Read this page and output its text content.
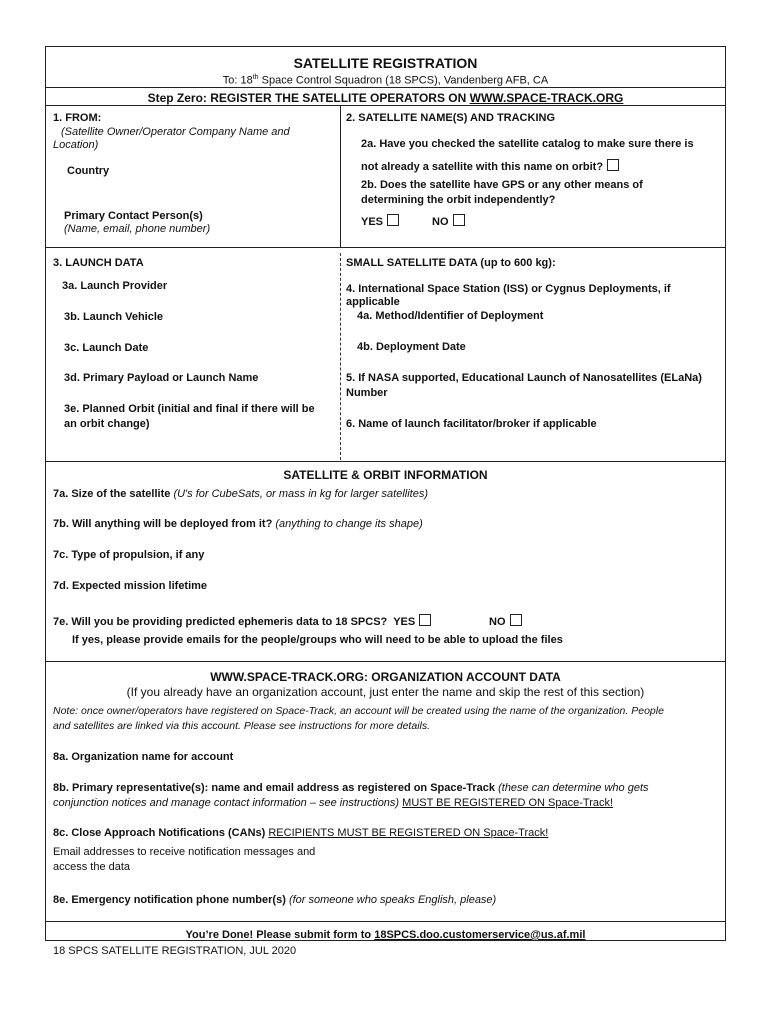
SATELLITE REGISTRATION
To: 18th Space Control Squadron (18 SPCS), Vandenberg AFB, CA
Step Zero: REGISTER THE SATELLITE OPERATORS ON WWW.SPACE-TRACK.ORG
1. FROM:
(Satellite Owner/Operator Company Name and
Location)
Country
Primary Contact Person(s)
(Name, email, phone number)
2. SATELLITE NAME(S) AND TRACKING
2a. Have you checked the satellite catalog to make sure there is
not already a satellite with this name on orbit?
2b. Does the satellite have GPS or any other means of
determining the orbit independently?
YES	NO
3. LAUNCH DATA
3a. Launch Provider
3b. Launch Vehicle
3c. Launch Date
3d. Primary Payload or Launch Name
3e. Planned Orbit (initial and final if there will be
an orbit change)
SMALL SATELLITE DATA (up to 600 kg):
4. International Space Station (ISS) or Cygnus Deployments, if
applicable
4a. Method/Identifier of Deployment
4b. Deployment Date
5. If NASA supported, Educational Launch of Nanosatellites (ELaNa)
Number
6. Name of launch facilitator/broker if applicable
SATELLITE & ORBIT INFORMATION
7a. Size of the satellite (U's for CubeSats, or mass in kg for larger satellites)
7b. Will anything will be deployed from it? (anything to change its shape)
7c. Type of propulsion, if any
7d. Expected mission lifetime
7e. Will you be providing predicted ephemeris data to 18 SPCS? YES	NO
If yes, please provide emails for the people/groups who will need to be able to upload the files
WWW.SPACE-TRACK.ORG: ORGANIZATION ACCOUNT DATA
(If you already have an organization account, just enter the name and skip the rest of this section)
Note: once owner/operators have registered on Space-Track, an account will be created using the name of the organization. People
and satellites are linked via this account. Please see instructions for more details.
8a. Organization name for account
8b. Primary representative(s): name and email address as registered on Space-Track (these can determine who gets
conjunction notices and manage contact information – see instructions) MUST BE REGISTERED ON Space-Track!
8c. Close Approach Notifications (CANs) RECIPIENTS MUST BE REGISTERED ON Space-Track!
Email addresses to receive notification messages and
access the data
8e. Emergency notification phone number(s) (for someone who speaks English, please)
You’re Done! Please submit form to 18SPCS.doo.customerservice@us.af.mil
18 SPCS SATELLITE REGISTRATION, JUL 2020
